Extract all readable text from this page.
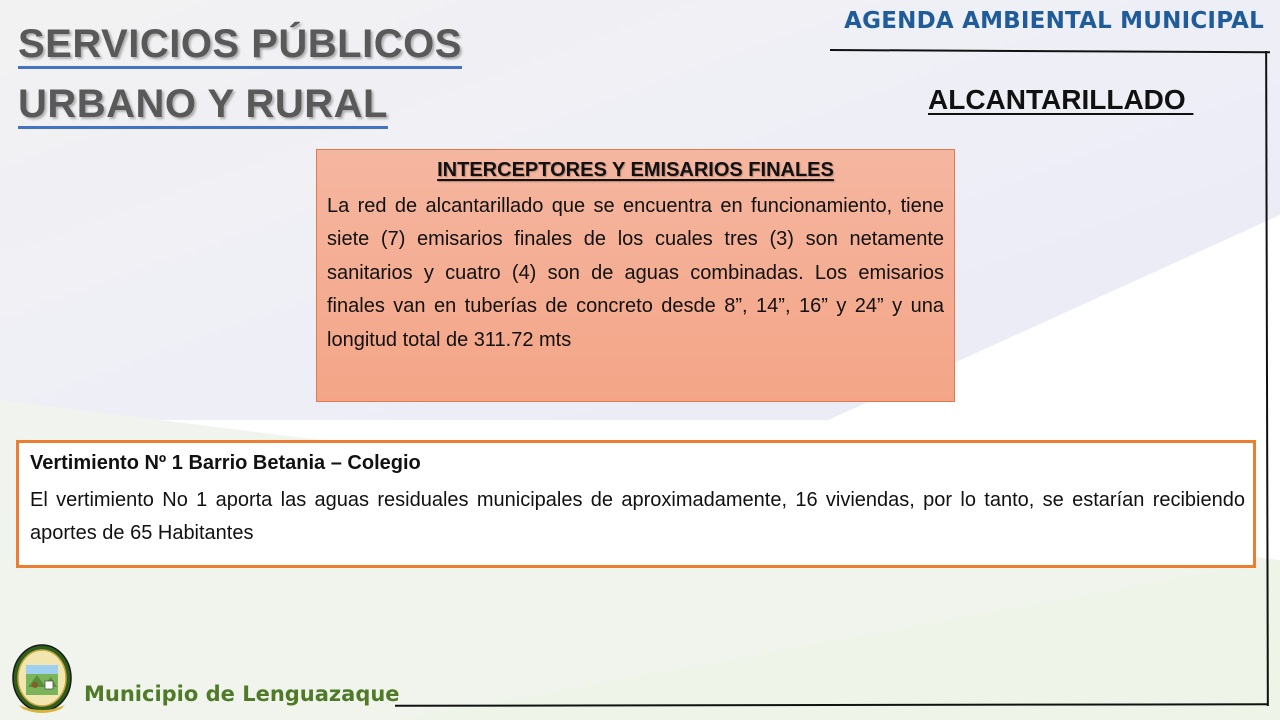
SERVICIOS PÚBLICOS
URBANO Y RURAL
AGENDA AMBIENTAL MUNICIPAL
ALCANTARILLADO
INTERCEPTORES Y EMISARIOS FINALES

La red de alcantarillado que se encuentra en funcionamiento, tiene siete (7) emisarios finales de los cuales tres (3) son netamente sanitarios y cuatro (4) son de aguas combinadas. Los emisarios finales van en tuberías de concreto desde 8”, 14”, 16” y 24” y una longitud total de 311.72 mts

Vertimiento Nº 1 Barrio Betania – Colegio

El vertimiento No 1 aporta las aguas residuales municipales de aproximadamente, 16 viviendas, por lo tanto, se estarían recibiendo aportes de 65 Habitantes

Municipio de Lenguazaque
